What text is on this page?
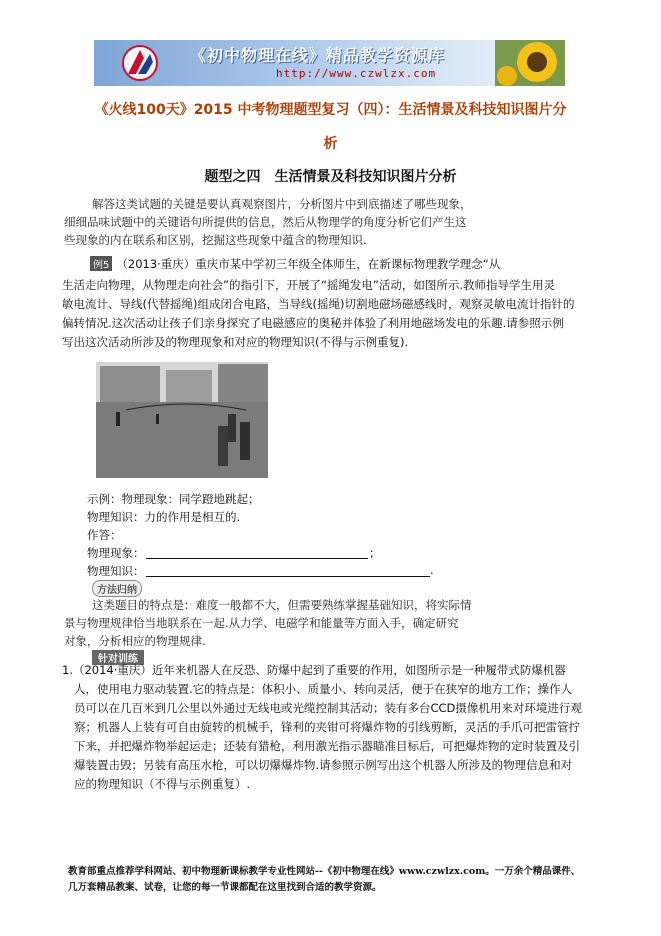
《初中物理在线》精品教学资源库
http://www.czwlzx.com
《火线100天》2015 中考物理题型复习（四）：生活情景及科技知识图片分
析
题型之四　生活情景及科技知识图片分析
解答这类试题的关键是要认真观察图片，分析图片中到底描述了哪些现象，
细细品味试题中的关键语句所提供的信息，然后从物理学的角度分析它们产生这
些现象的内在联系和区别，挖掘这些现象中蕴含的物理知识.
例5 （2013·重庆）重庆市某中学初三年级全体师生，在新课标物理教学理念“从
生活走向物理，从物理走向社会”的指引下，开展了“摇绳发电”活动，如图所示.教师指导学生用灵
敏电流计、导线(代替摇绳)组成闭合电路，当导线(摇绳)切割地磁场磁感线时，观察灵敏电流计指针的
偏转情况.这次活动让孩子们亲身探究了电磁感应的奥秘并体验了利用地磁场发电的乐趣.请参照示例
写出这次活动所涉及的物理现象和对应的物理知识(不得与示例重复).
示例：物理现象：同学蹬地跳起；
物理知识：力的作用是相互的.
作答：
物理现象：	；
物理知识：	.
方法归纳
这类题目的特点是：难度一般都不大，但需要熟练掌握基础知识，将实际情
景与物理规律恰当地联系在一起.从力学、电磁学和能量等方面入手，确定研究
对象，分析相应的物理规律.
针对训练
1.（2014·重庆）近年来机器人在反恐、防爆中起到了重要的作用，如图所示是一种履带式防爆机器
人，使用电力驱动装置.它的特点是：体积小、质量小、转向灵活，便于在狭窄的地方工作；操作人
员可以在几百米到几公里以外通过无线电或光缆控制其活动；装有多台CCD摄像机用来对环境进行观
察；机器人上装有可自由旋转的机械手，锋利的夹钳可将爆炸物的引线剪断，灵活的手爪可把雷管拧
下来，并把爆炸物举起运走；还装有猎枪，利用激光指示器瞄准目标后，可把爆炸物的定时装置及引
爆装置击毁；另装有高压水枪，可以切爆爆炸物.请参照示例写出这个机器人所涉及的物理信息和对
应的物理知识（不得与示例重复）.
教育部重点推荐学科网站、初中物理新课标教学专业性网站--《初中物理在线》www.czwlzx.com。一万余个精品课件、
几万套精品教案、试卷，让您的每一节课都配在这里找到合适的教学资源。
